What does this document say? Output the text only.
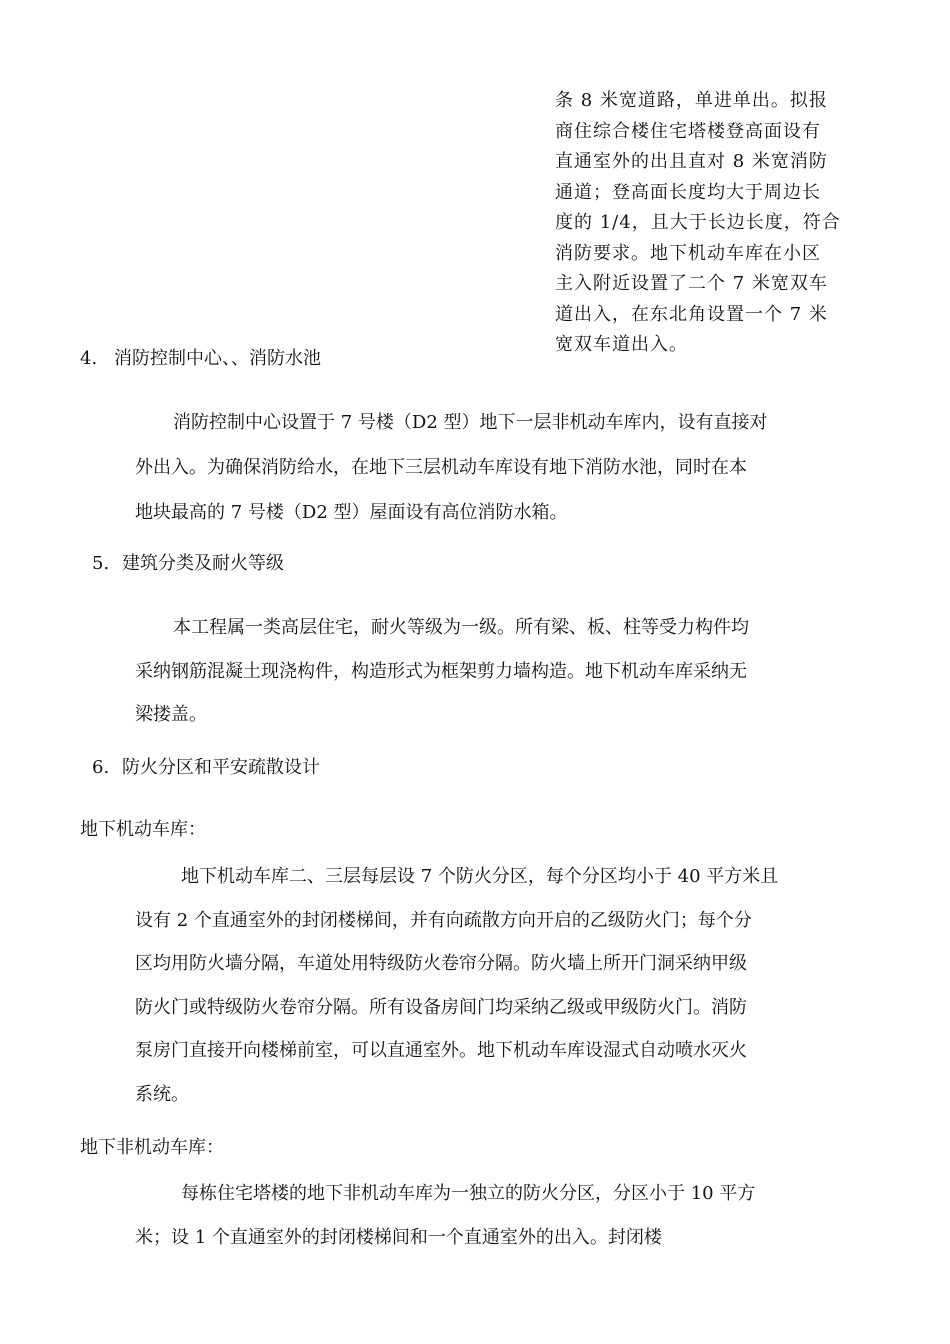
条 8 米宽道路，单进单出。拟报
商住综合楼住宅塔楼登高面设有
直通室外的出且直对 8 米宽消防
通道；登高面长度均大于周边长
度的 1/4，且大于长边长度，符合
消防要求。地下机动车库在小区
主入附近设置了二个 7 米宽双车
道出入，在东北角设置一个 7 米
宽双车道出入。
4. 消防控制中心、、消防水池
消防控制中心设置于 7 号楼（D2 型）地下一层非机动车库内，设有直接对
外出入。为确保消防给水，在地下三层机动车库设有地下消防水池，同时在本
地块最高的 7 号楼（D2 型）屋面设有高位消防水箱。
5. 建筑分类及耐火等级
本工程属一类高层住宅，耐火等级为一级。所有梁、板、柱等受力构件均
采纳钢筋混凝土现浇构件，构造形式为框架剪力墙构造。地下机动车库采纳无
梁搂盖。
6. 防火分区和平安疏散设计
地下机动车库：
地下机动车库二、三层每层设 7 个防火分区，每个分区均小于 40 平方米且
设有 2 个直通室外的封闭楼梯间，并有向疏散方向开启的乙级防火门；每个分
区均用防火墙分隔，车道处用特级防火卷帘分隔。防火墙上所开门洞采纳甲级
防火门或特级防火卷帘分隔。所有设备房间门均采纳乙级或甲级防火门。消防
泵房门直接开向楼梯前室，可以直通室外。地下机动车库设湿式自动喷水灭火
系统。
地下非机动车库：
每栋住宅塔楼的地下非机动车库为一独立的防火分区，分区小于 10 平方
米；设 1 个直通室外的封闭楼梯间和一个直通室外的出入。封闭楼
